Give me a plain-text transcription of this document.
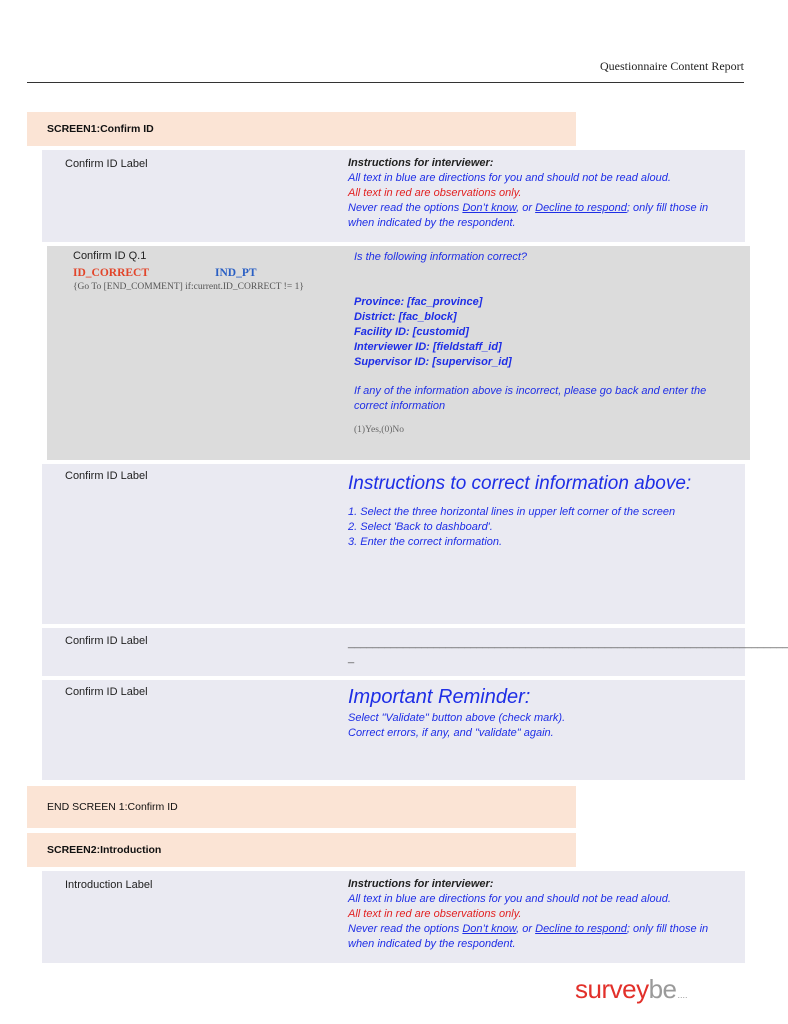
Questionnaire Content Report
SCREEN1:Confirm ID
Confirm ID Label	Instructions for interviewer:
All text in blue are directions for you and should not be read aloud.
All text in red are observations only.
Never read the options Don’t know, or Decline to respond; only fill those in when indicated by the respondent.
Confirm ID Q.1
ID_CORRECT	IND_PT
{Go To [END_COMMENT] if:current.ID_CORRECT != 1}
Is the following information correct?
Province: [fac_province]
District: [fac_block]
Facility ID: [customid]
Interviewer ID: [fieldstaff_id]
Supervisor ID: [supervisor_id]
If any of the information above is incorrect, please go back and enter the correct information
(1)Yes,(0)No
Confirm ID Label	Instructions to correct information above:
1. Select the three horizontal lines in upper left corner of the screen
2. Select 'Back to dashboard'.
3. Enter the correct information.
Confirm ID Label	________________________________________________________________________
_
Confirm ID Label	Important Reminder:
Select "Validate" button above (check mark).
Correct errors, if any, and "validate" again.
END SCREEN 1:Confirm ID
SCREEN2:Introduction
Introduction Label	Instructions for interviewer:
All text in blue are directions for you and should not be read aloud.
All text in red are observations only.
Never read the options Don’t know, or Decline to respond; only fill those in when indicated by the respondent.
surveybe ....
